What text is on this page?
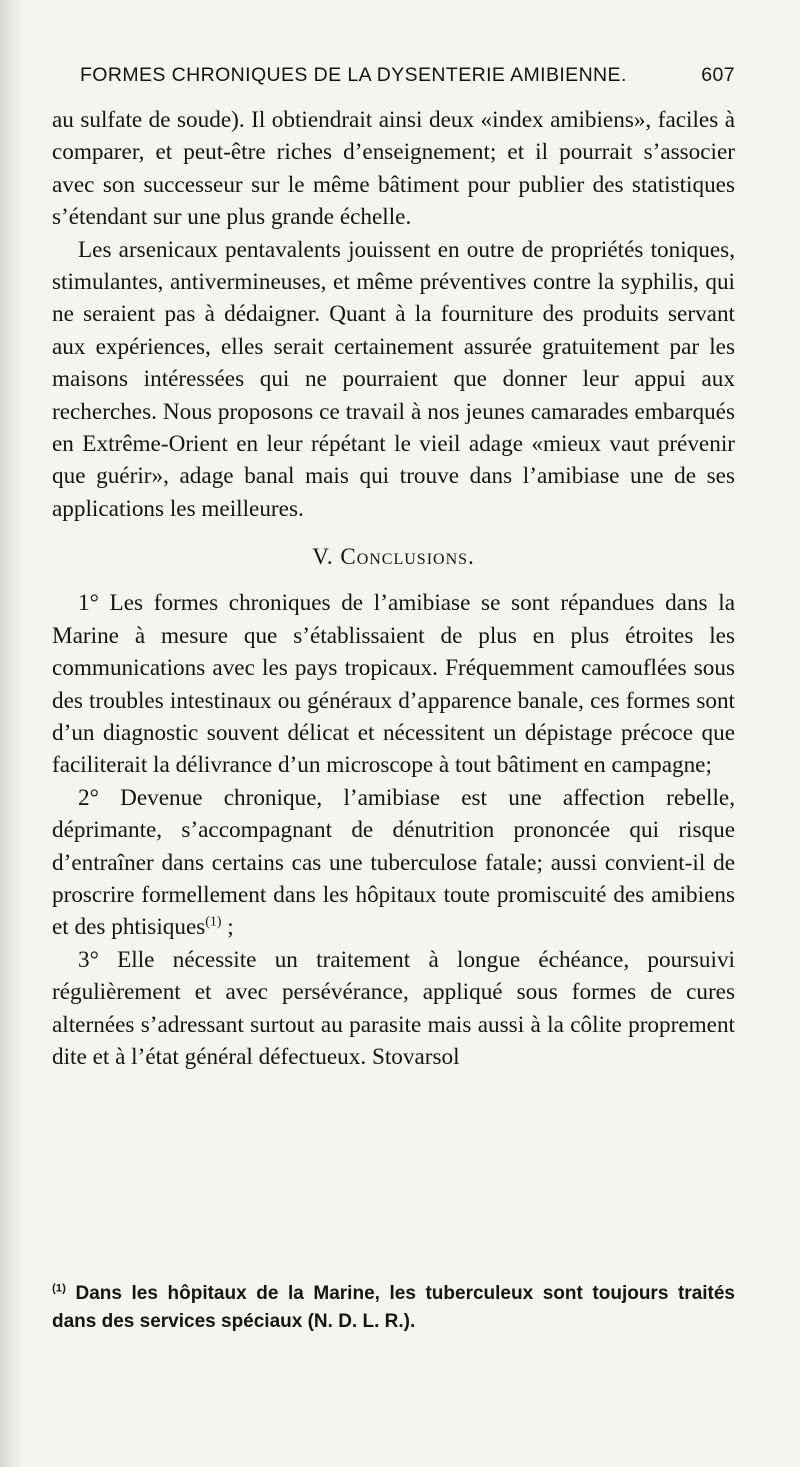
FORMES CHRONIQUES DE LA DYSENTERIE AMIBIENNE.	607

au sulfate de soude). Il obtiendrait ainsi deux «index amibiens», faciles à comparer, et peut-être riches d’enseignement; et il pourrait s’associer avec son successeur sur le même bâtiment pour publier des statistiques s’étendant sur une plus grande échelle.

Les arsenicaux pentavalents jouissent en outre de propriétés toniques, stimulantes, antivermineuses, et même préventives contre la syphilis, qui ne seraient pas à dédaigner. Quant à la fourniture des produits servant aux expériences, elles serait certainement assurée gratuitement par les maisons intéressées qui ne pourraient que donner leur appui aux recherches. Nous proposons ce travail à nos jeunes camarades embarqués en Extrême-Orient en leur répétant le vieil adage «mieux vaut prévenir que guérir», adage banal mais qui trouve dans l’amibiase une de ses applications les meilleures.

V. Conclusions.

1° Les formes chroniques de l’amibiase se sont répandues dans la Marine à mesure que s’établissaient de plus en plus étroites les communications avec les pays tropicaux. Fréquemment camouflées sous des troubles intestinaux ou généraux d’apparence banale, ces formes sont d’un diagnostic souvent délicat et nécessitent un dépistage précoce que faciliterait la délivrance d’un microscope à tout bâtiment en campagne;

2° Devenue chronique, l’amibiase est une affection rebelle, déprimante, s’accompagnant de dénutrition prononcée qui risque d’entraîner dans certains cas une tuberculose fatale; aussi convient-il de proscrire formellement dans les hôpitaux toute promiscuité des amibiens et des phtisiques$^{(1)}$ ;

3° Elle nécessite un traitement à longue échéance, poursuivi régulièrement et avec persévérance, appliqué sous formes de cures alternées s’adressant surtout au parasite mais aussi à la côlite proprement dite et à l’état général défectueux. Stovarsol

$^{(1)}$ Dans les hôpitaux de la Marine, les tuberculeux sont toujours traités dans des services spéciaux (N. D. L. R.).
